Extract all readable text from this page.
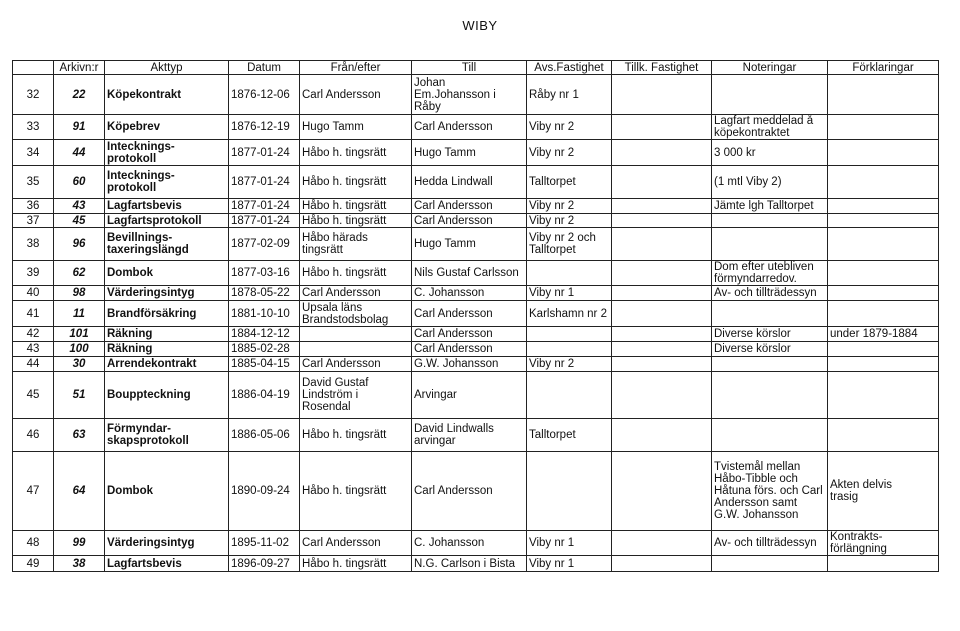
WIBY
	Arkivn:r	Akttyp	Datum	Från/efter	Till	Avs.Fastighet	Tillk. Fastighet	Noteringar	Förklaringar
32	22	Köpekontrakt	1876-12-06	Carl Andersson	Johan
Em.Johansson i
Råby	Råby nr 1			
33	91	Köpebrev	1876-12-19	Hugo Tamm	Carl Andersson	Viby nr 2		Lagfart meddelad å
köpekontraktet	
34	44	Intecknings-
protokoll	1877-01-24	Håbo h. tingsrätt	Hugo Tamm	Viby nr 2		3 000 kr	
35	60	Intecknings-
protokoll	1877-01-24	Håbo h. tingsrätt	Hedda Lindwall	Talltorpet		(1 mtl Viby 2)	
36	43	Lagfartsbevis	1877-01-24	Håbo h. tingsrätt	Carl Andersson	Viby nr 2		Jämte lgh Talltorpet	
37	45	Lagfartsprotokoll	1877-01-24	Håbo h. tingsrätt	Carl Andersson	Viby nr 2			
38	96	Bevillnings-
taxeringslängd	1877-02-09	Håbo härads
tingsrätt	Hugo Tamm	Viby nr 2 och
Talltorpet			
39	62	Dombok	1877-03-16	Håbo h. tingsrätt	Nils Gustaf Carlsson			Dom efter utebliven
förmyndarredov.	
40	98	Värderingsintyg	1878-05-22	Carl Andersson	C. Johansson	Viby nr 1		Av- och tillträdessyn	
41	11	Brandförsäkring	1881-10-10	Upsala läns
Brandstodsbolag	Carl Andersson	Karlshamn nr 2			
42	101	Räkning	1884-12-12		Carl Andersson			Diverse körslor	under 1879-1884
43	100	Räkning	1885-02-28		Carl Andersson			Diverse körslor	
44	30	Arrendekontrakt	1885-04-15	Carl Andersson	G.W. Johansson	Viby nr 2			
45	51	Bouppteckning	1886-04-19	David Gustaf
Lindström i
Rosendal	Arvingar				
46	63	Förmyndar-
skapsprotokoll	1886-05-06	Håbo h. tingsrätt	David Lindwalls
arvingar	Talltorpet			
47	64	Dombok	1890-09-24	Håbo h. tingsrätt	Carl Andersson			Tvistemål mellan
Håbo-Tibble och
Håtuna förs. och Carl
Andersson samt
G.W. Johansson	Akten delvis
trasig
48	99	Värderingsintyg	1895-11-02	Carl Andersson	C. Johansson	Viby nr 1		Av- och tillträdessyn	Kontrakts-
förlängning
49	38	Lagfartsbevis	1896-09-27	Håbo h. tingsrätt	N.G. Carlson i Bista	Viby nr 1			
